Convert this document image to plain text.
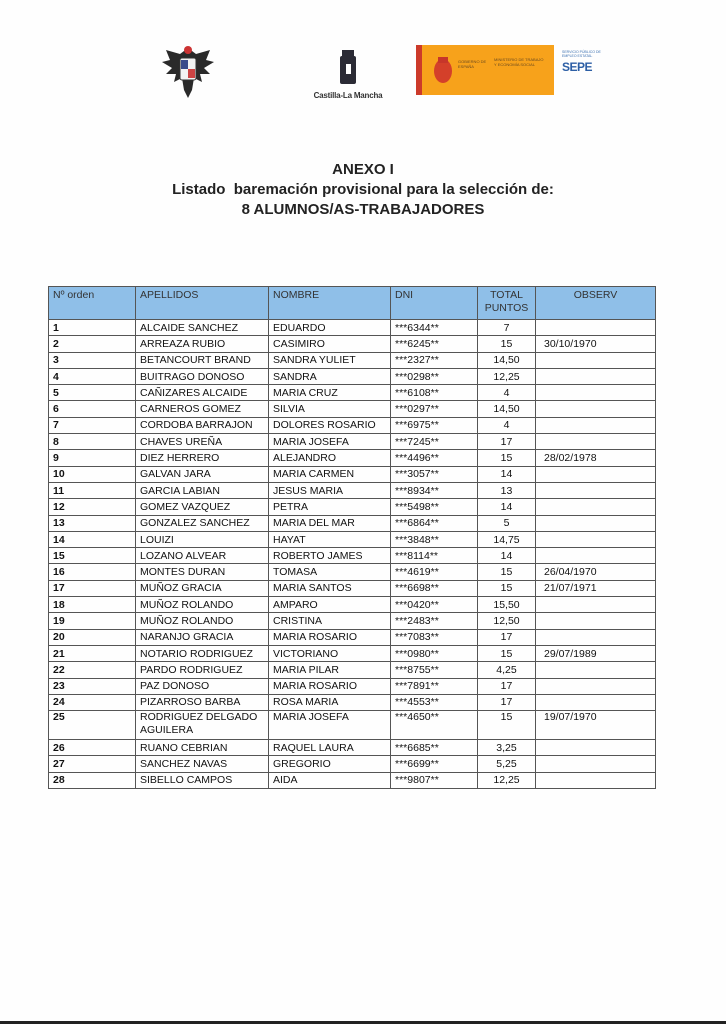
Castilla-La Mancha
GOBIERNO DE ESPAÑA
MINISTERIO DE TRABAJO Y ECONOMÍA SOCIAL
SERVICIO PÚBLICO DE EMPLEO ESTATAL
SEPE
ANEXO I
Listado  baremación provisional para la selección de:
8 ALUMNOS/AS-TRABAJADORES
Nº orden	APELLIDOS	NOMBRE	DNI	TOTAL PUNTOS	OBSERV
1	ALCAIDE SANCHEZ	EDUARDO	***6344**	7	
2	ARREAZA RUBIO	CASIMIRO	***6245**	15	30/10/1970
3	BETANCOURT BRAND	SANDRA YULIET	***2327**	14,50	
4	BUITRAGO DONOSO	SANDRA	***0298**	12,25	
5	CAÑIZARES ALCAIDE	MARIA CRUZ	***6108**	4	
6	CARNEROS GOMEZ	SILVIA	***0297**	14,50	
7	CORDOBA BARRAJON	DOLORES ROSARIO	***6975**	4	
8	CHAVES UREÑA	MARIA JOSEFA	***7245**	17	
9	DIEZ HERRERO	ALEJANDRO	***4496**	15	28/02/1978
10	GALVAN JARA	MARIA CARMEN	***3057**	14	
11	GARCIA LABIAN	JESUS MARIA	***8934**	13	
12	GOMEZ VAZQUEZ	PETRA	***5498**	14	
13	GONZALEZ SANCHEZ	MARIA DEL MAR	***6864**	5	
14	LOUIZI	HAYAT	***3848**	14,75	
15	LOZANO ALVEAR	ROBERTO JAMES	***8114**	14	
16	MONTES DURAN	TOMASA	***4619**	15	26/04/1970
17	MUÑOZ GRACIA	MARIA SANTOS	***6698**	15	21/07/1971
18	MUÑOZ ROLANDO	AMPARO	***0420**	15,50	
19	MUÑOZ ROLANDO	CRISTINA	***2483**	12,50	
20	NARANJO GRACIA	MARIA ROSARIO	***7083**	17	
21	NOTARIO RODRIGUEZ	VICTORIANO	***0980**	15	29/07/1989
22	PARDO RODRIGUEZ	MARIA PILAR	***8755**	4,25	
23	PAZ DONOSO	MARIA ROSARIO	***7891**	17	
24	PIZARROSO BARBA	ROSA MARIA	***4553**	17	
25	RODRIGUEZ DELGADO AGUILERA	MARIA JOSEFA	***4650**	15	19/07/1970
26	RUANO CEBRIAN	RAQUEL LAURA	***6685**	3,25	
27	SANCHEZ NAVAS	GREGORIO	***6699**	5,25	
28	SIBELLO CAMPOS	AIDA	***9807**	12,25	
